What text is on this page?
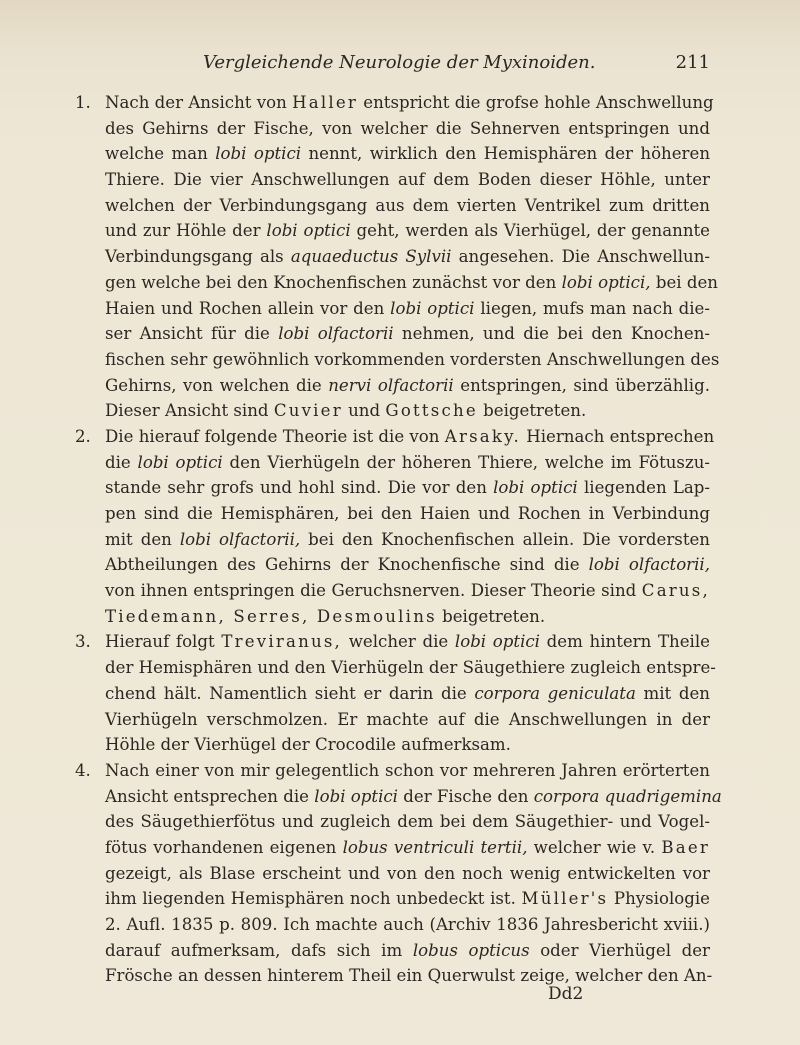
Vergleichende Neurologie der Myxinoiden.	211
1. Nach der Ansicht von Haller entspricht die grofse hohle Anschwellung
des Gehirns der Fische, von welcher die Sehnerven entspringen und
welche man lobi optici nennt, wirklich den Hemisphären der höheren
Thiere. Die vier Anschwellungen auf dem Boden dieser Höhle, unter
welchen der Verbindungsgang aus dem vierten Ventrikel zum dritten
und zur Höhle der lobi optici geht, werden als Vierhügel, der genannte
Verbindungsgang als aquaeductus Sylvii angesehen. Die Anschwellun-
gen welche bei den Knochenfischen zunächst vor den lobi optici, bei den
Haien und Rochen allein vor den lobi optici liegen, mufs man nach die-
ser Ansicht für die lobi olfactorii nehmen, und die bei den Knochen-
fischen sehr gewöhnlich vorkommenden vordersten Anschwellungen des
Gehirns, von welchen die nervi olfactorii entspringen, sind überzählig.
Dieser Ansicht sind Cuvier und Gottsche beigetreten.
2. Die hierauf folgende Theorie ist die von Arsaky. Hiernach entsprechen
die lobi optici den Vierhügeln der höheren Thiere, welche im Fötuszu-
stande sehr grofs und hohl sind. Die vor den lobi optici liegenden Lap-
pen sind die Hemisphären, bei den Haien und Rochen in Verbindung
mit den lobi olfactorii, bei den Knochenfischen allein. Die vordersten
Abtheilungen des Gehirns der Knochenfische sind die lobi olfactorii,
von ihnen entspringen die Geruchsnerven. Dieser Theorie sind Carus,
Tiedemann, Serres, Desmoulins beigetreten.
3. Hierauf folgt Treviranus, welcher die lobi optici dem hintern Theile
der Hemisphären und den Vierhügeln der Säugethiere zugleich entspre-
chend hält. Namentlich sieht er darin die corpora geniculata mit den
Vierhügeln verschmolzen. Er machte auf die Anschwellungen in der
Höhle der Vierhügel der Crocodile aufmerksam.
4. Nach einer von mir gelegentlich schon vor mehreren Jahren erörterten
Ansicht entsprechen die lobi optici der Fische den corpora quadrigemina
des Säugethierfötus und zugleich dem bei dem Säugethier- und Vogel-
fötus vorhandenen eigenen lobus ventriculi tertii, welcher wie v. Baer
gezeigt, als Blase erscheint und von den noch wenig entwickelten vor
ihm liegenden Hemisphären noch unbedeckt ist. Müller's Physiologie
2. Aufl. 1835 p. 809. Ich machte auch (Archiv 1836 Jahresbericht xviii.)
darauf aufmerksam, dafs sich im lobus opticus oder Vierhügel der
Frösche an dessen hinterem Theil ein Querwulst zeige, welcher den An-
Dd2
